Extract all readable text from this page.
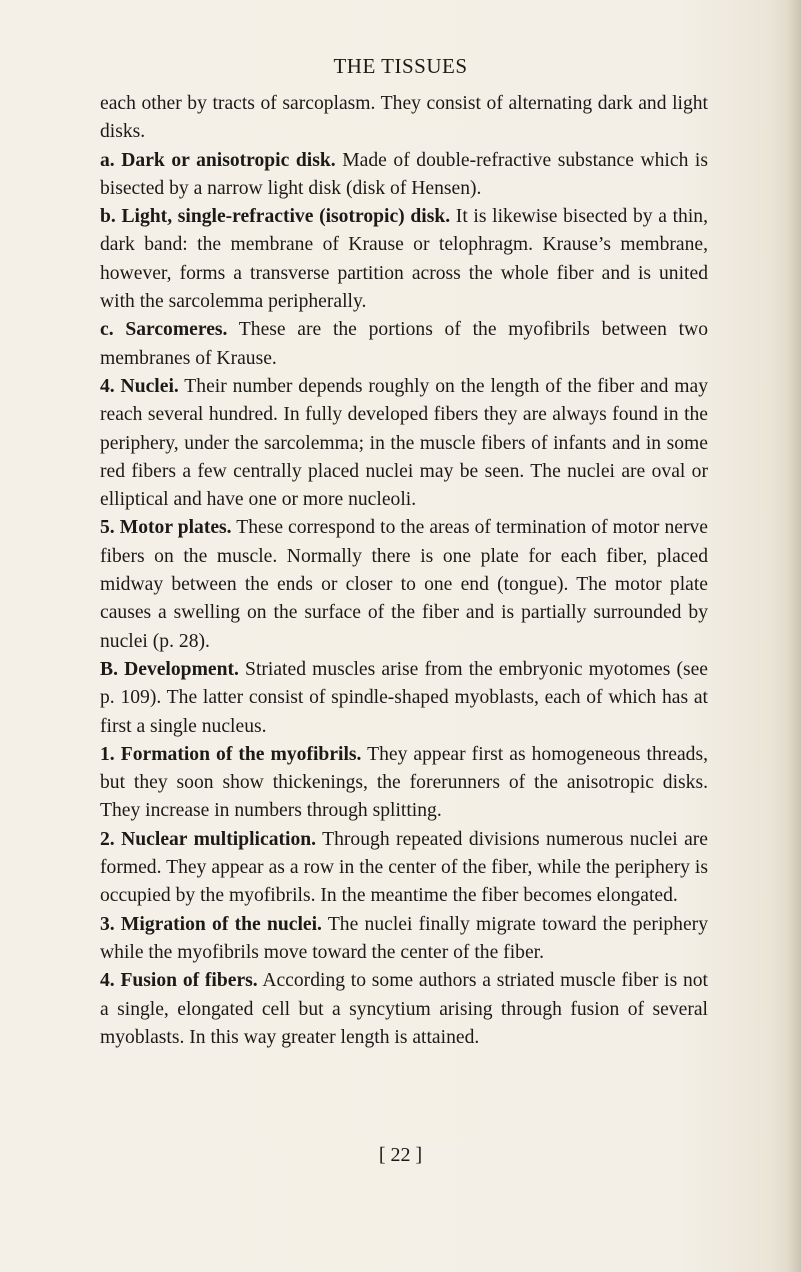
THE TISSUES

each other by tracts of sarcoplasm. They consist of alternating dark and light disks.

a. Dark or anisotropic disk. Made of double-refractive substance which is bisected by a narrow light disk (disk of Hensen).

b. Light, single-refractive (isotropic) disk. It is likewise bisected by a thin, dark band: the membrane of Krause or telophragm. Krause’s membrane, however, forms a transverse partition across the whole fiber and is united with the sarcolemma peripherally.

c. Sarcomeres. These are the portions of the myofibrils between two membranes of Krause.

4. Nuclei. Their number depends roughly on the length of the fiber and may reach several hundred. In fully developed fibers they are always found in the periphery, under the sarcolemma; in the muscle fibers of infants and in some red fibers a few centrally placed nuclei may be seen. The nuclei are oval or elliptical and have one or more nucleoli.

5. Motor plates. These correspond to the areas of termination of motor nerve fibers on the muscle. Normally there is one plate for each fiber, placed midway between the ends or closer to one end (tongue). The motor plate causes a swelling on the surface of the fiber and is partially surrounded by nuclei (p. 28).

B. Development. Striated muscles arise from the embryonic myotomes (see p. 109). The latter consist of spindle-shaped myoblasts, each of which has at first a single nucleus.

1. Formation of the myofibrils. They appear first as homogeneous threads, but they soon show thickenings, the forerunners of the anisotropic disks. They increase in numbers through splitting.

2. Nuclear multiplication. Through repeated divisions numerous nuclei are formed. They appear as a row in the center of the fiber, while the periphery is occupied by the myofibrils. In the meantime the fiber becomes elongated.

3. Migration of the nuclei. The nuclei finally migrate toward the periphery while the myofibrils move toward the center of the fiber.

4. Fusion of fibers. According to some authors a striated muscle fiber is not a single, elongated cell but a syncytium arising through fusion of several myoblasts. In this way greater length is attained.

[ 22 ]
